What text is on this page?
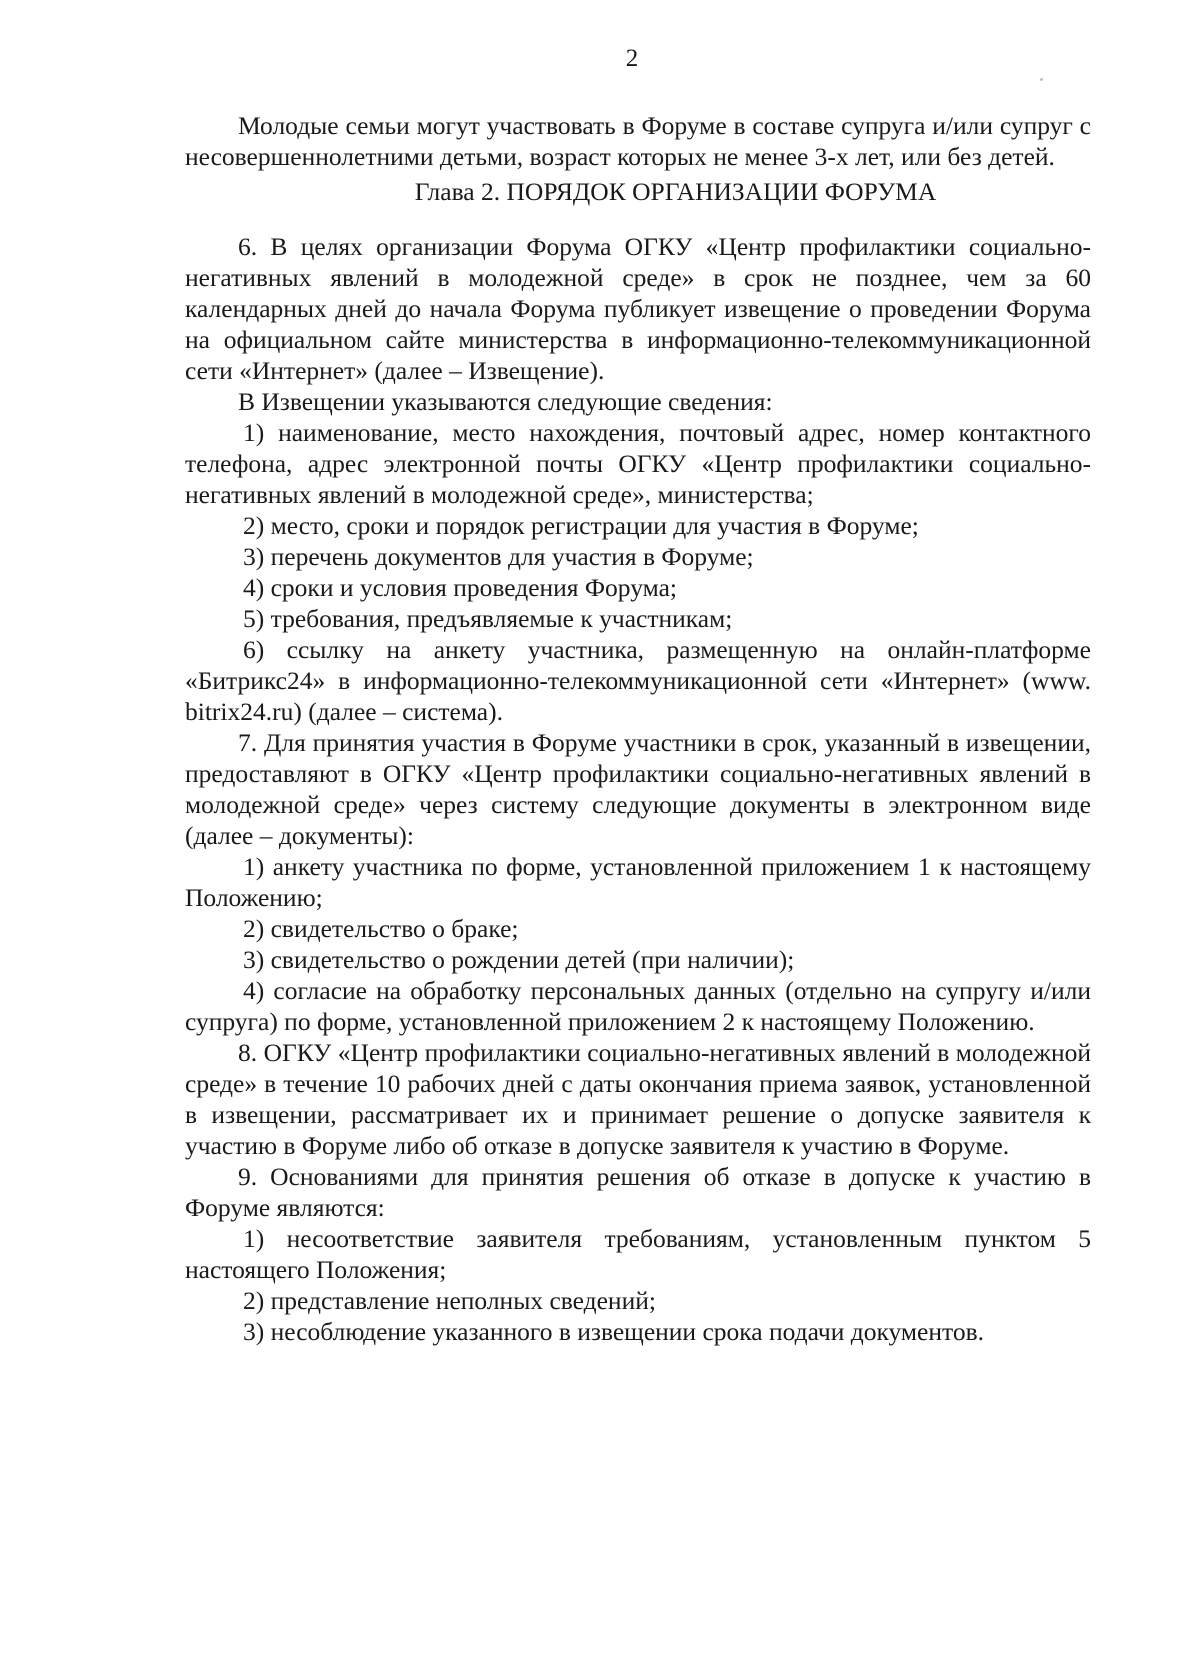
2

Молодые семьи могут участвовать в Форуме в составе супруга и/или супруг с несовершеннолетними детьми, возраст которых не менее 3-х лет, или без детей.

Глава 2. ПОРЯДОК ОРГАНИЗАЦИИ ФОРУМА

6. В целях организации Форума ОГКУ «Центр профилактики социально-негативных явлений в молодежной среде» в срок не позднее, чем за 60 календарных дней до начала Форума публикует извещение о проведении Форума на официальном сайте министерства в информационно-телекоммуникационной сети «Интернет» (далее – Извещение).

В Извещении указываются следующие сведения:

1) наименование, место нахождения, почтовый адрес, номер контактного телефона, адрес электронной почты ОГКУ «Центр профилактики социально-негативных явлений в молодежной среде», министерства;

2) место, сроки и порядок регистрации для участия в Форуме;

3) перечень документов для участия в Форуме;

4) сроки и условия проведения Форума;

5) требования, предъявляемые к участникам;

6) ссылку на анкету участника, размещенную на онлайн-платформе «Битрикс24» в информационно-телекоммуникационной сети «Интернет» (www. bitrix24.ru) (далее – система).

7. Для принятия участия в Форуме участники в срок, указанный в извещении, предоставляют в ОГКУ «Центр профилактики социально-негативных явлений в молодежной среде» через систему следующие документы в электронном виде (далее – документы):

1) анкету участника по форме, установленной приложением 1 к настоящему Положению;

2) свидетельство о браке;

3) свидетельство о рождении детей (при наличии);

4) согласие на обработку персональных данных (отдельно на супругу и/или супруга) по форме, установленной приложением 2 к настоящему Положению.

8. ОГКУ «Центр профилактики социально-негативных явлений в молодежной среде» в течение 10 рабочих дней с даты окончания приема заявок, установленной в извещении, рассматривает их и принимает решение о допуске заявителя к участию в Форуме либо об отказе в допуске заявителя к участию в Форуме.

9. Основаниями для принятия решения об отказе в допуске к участию в Форуме являются:

1) несоответствие заявителя требованиям, установленным пунктом 5 настоящего Положения;

2) представление неполных сведений;

3) несоблюдение указанного в извещении срока подачи документов.
